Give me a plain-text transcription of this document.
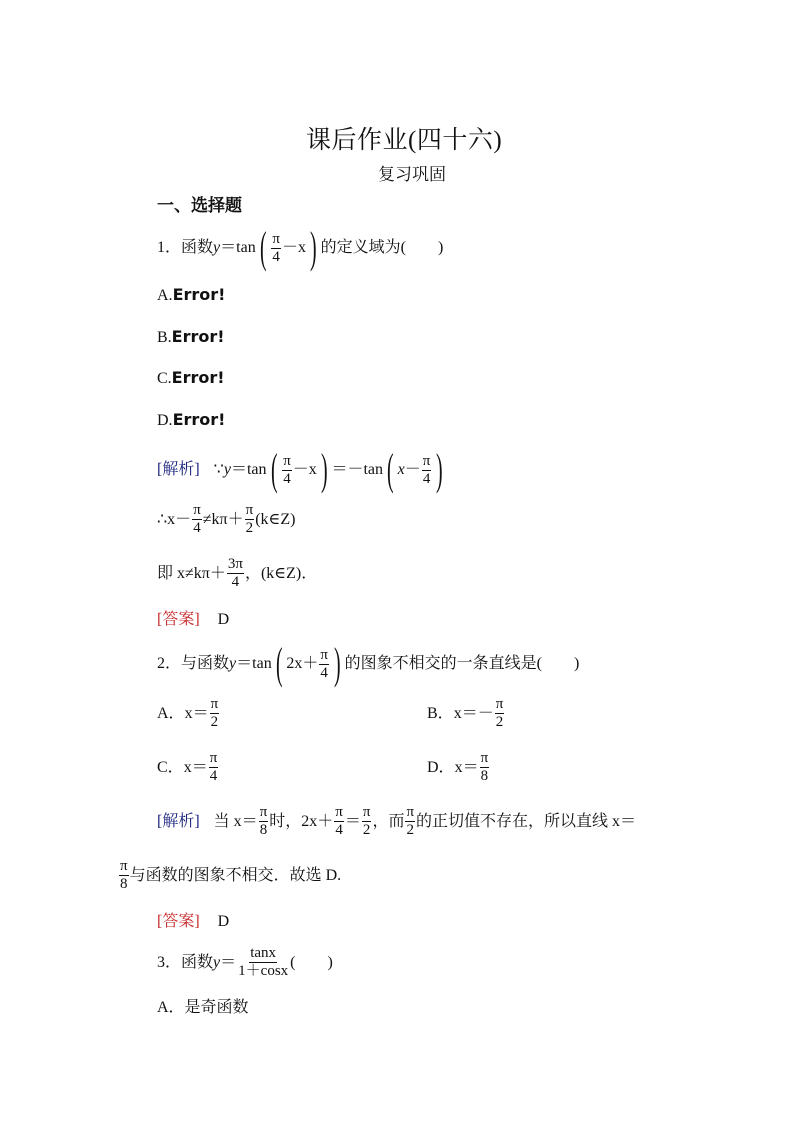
课后作业(四十六)
复习巩固
一、选择题
1． 函数 y ＝tan ( $\frac{\pi}{4} -x$ ) 的定义域为(　　)
A.Error!
B.Error!
C.Error!
D.Error!
[解析] ∵ y ＝tan ( $\frac{\pi}{4} -x$ ) ＝－tan ( $x - \frac{\pi}{4}$ )
∴x－ $\frac{\pi}{4} \ne k\pi+ \frac{\pi}{2}$ (k∈Z)
即 $x\ne k\pi+ \frac{3\pi}{4}$ ，(k∈Z)．
[答案] D
2． 与函数 y ＝tan ( $2x+ \frac{\pi}{4}$ ) 的图象不相交的一条直线是(　　)
A． $x= \frac{\pi}{2}$	B． $x=- \frac{\pi}{2}$
C． $x= \frac{\pi}{4}$	D． $x= \frac{\pi}{8}$
[解析] 当 $x= \frac{\pi}{8}$ 时，$2x+ \frac{\pi}{4} = \frac{\pi}{2}$ ，而 $\frac{\pi}{2}$ 的正切值不存在，所以直线 x＝
$\frac{\pi}{8}$ 与函数的图象不相交．故选 D.
[答案] D
3． 函数 $y = \frac{\tan x}{1+\cos x}$ (　　)
A．是奇函数
